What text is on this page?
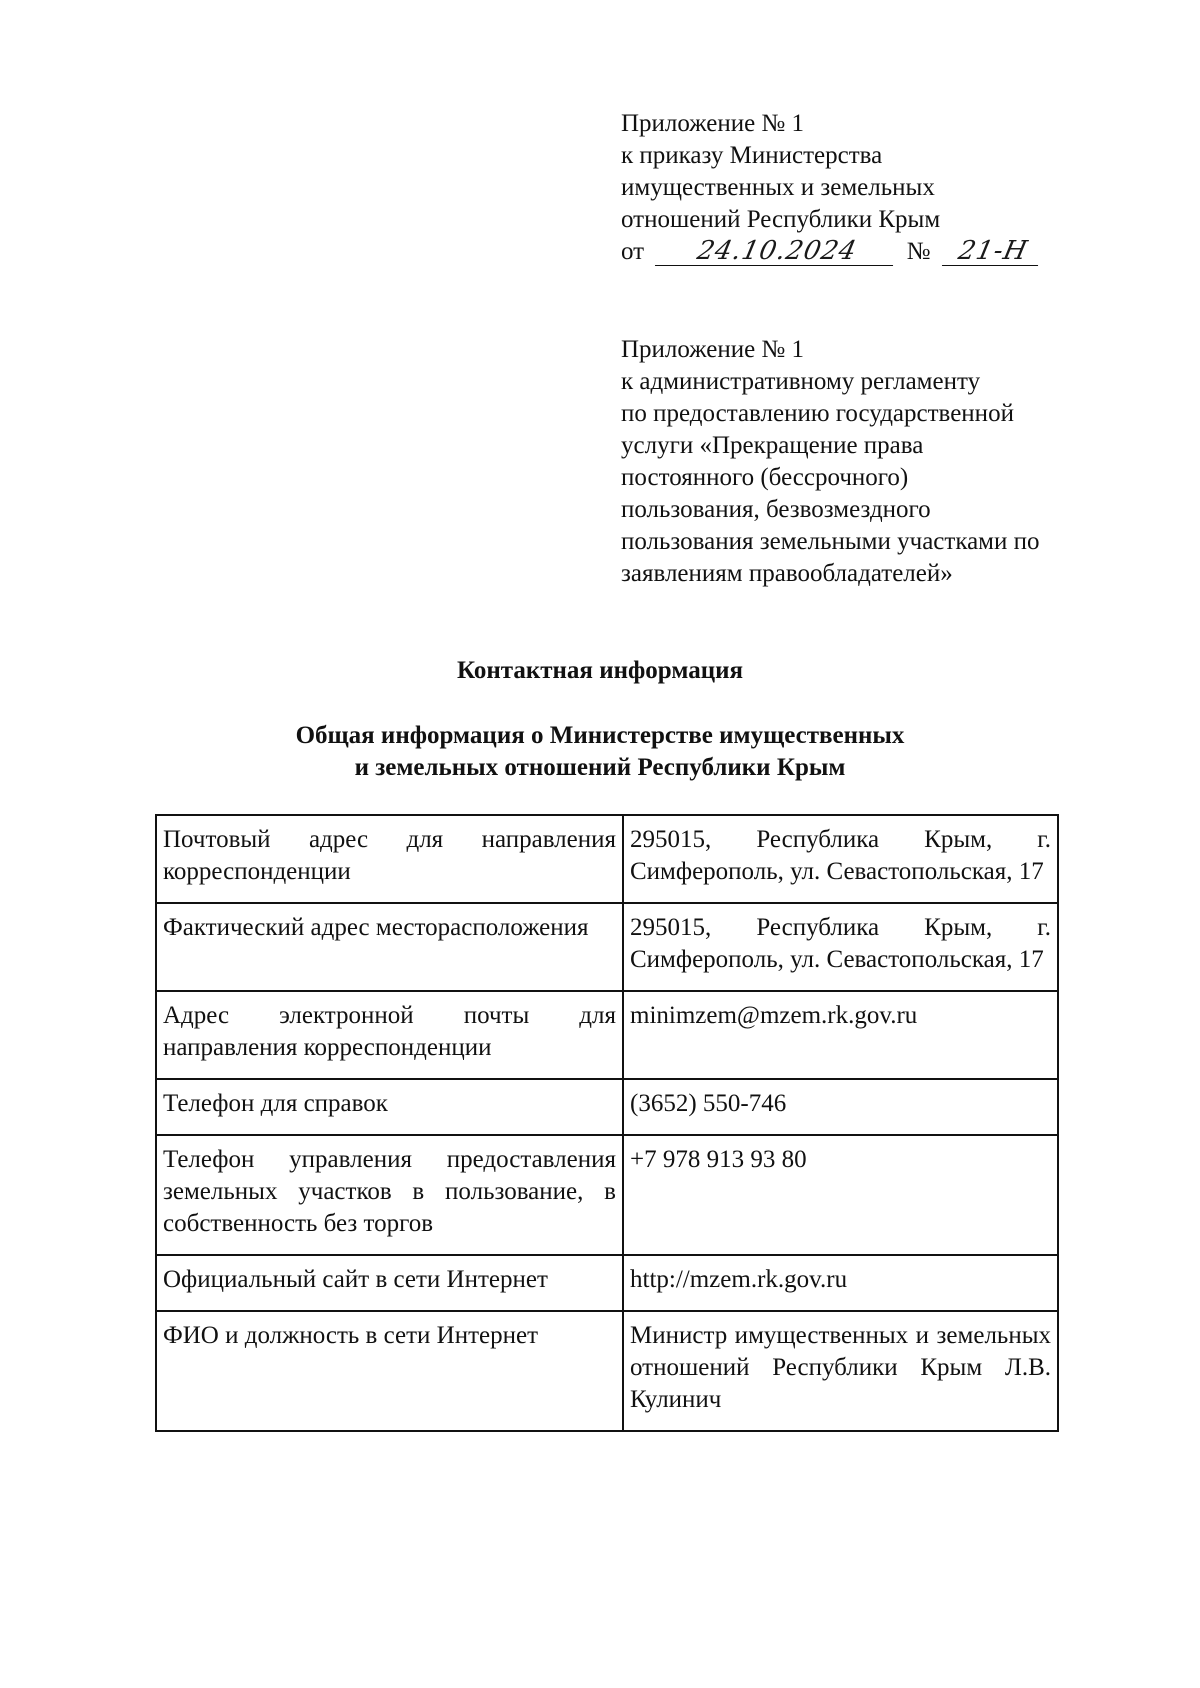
Приложение № 1
к приказу Министерства
имущественных и земельных
отношений Республики Крым
от 24.10.2024 № 21-Н
Приложение № 1
к административному регламенту
по предоставлению государственной
услуги «Прекращение права
постоянного (бессрочного)
пользования, безвозмездного
пользования земельными участками по
заявлениям правообладателей»
Контактная информация
Общая информация о Министерстве имущественных
и земельных отношений Республики Крым
Почтовый адрес для направления корреспонденции	295015, Республика Крым, г. Симферополь, ул. Севастопольская, 17
Фактический адрес месторасположения	295015, Республика Крым, г. Симферополь, ул. Севастопольская, 17
Адрес электронной почты для направления корреспонденции	minimzem@mzem.rk.gov.ru
Телефон для справок	(3652) 550-746
Телефон управления предоставления земельных участков в пользование, в собственность без торгов	+7 978 913 93 80
Официальный сайт в сети Интернет	http://mzem.rk.gov.ru
ФИО и должность в сети Интернет	Министр имущественных и земельных отношений Республики Крым Л.В. Кулинич
